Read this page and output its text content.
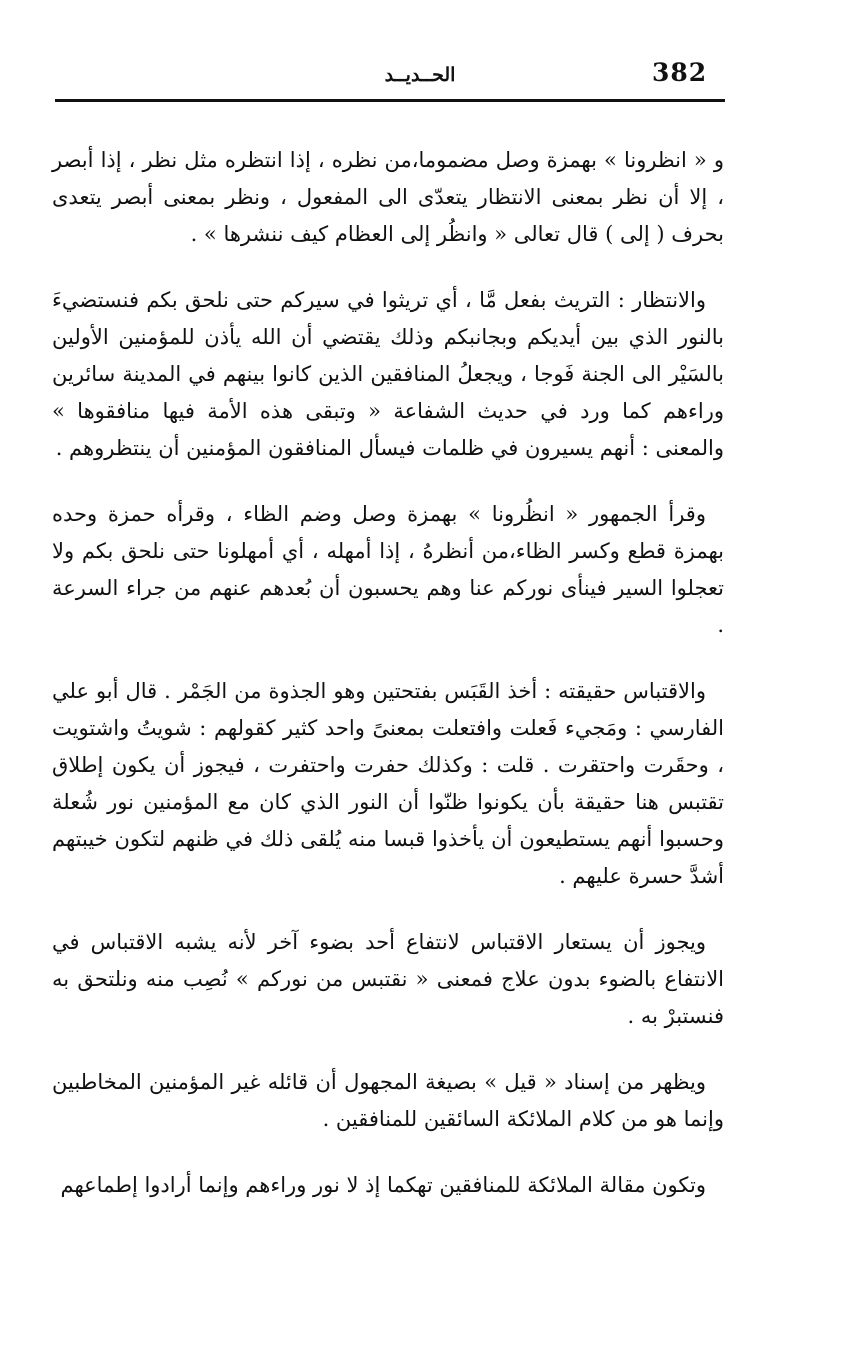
382
الحــديــد

و « انظرونا » بهمزة وصل مضموما،من نظره ، إذا انتظره مثل نظر ، إذا أبصر ، إلا أن نظر بمعنى الانتظار يتعدّى الى المفعول ، ونظر بمعنى أبصر يتعدى بحرف ( إلى ) قال تعالى « وانظُر إلى العظام كيف ننشرها » .

والانتظار : التريث بفعل مَّا ، أي تريثوا في سيركم حتى نلحق بكم فنستضيءَ بالنور الذي بين أيديكم وبجانبكم وذلك يقتضي أن الله يأذن للمؤمنين الأولين بالسَيْر الى الجنة فَوجا ، ويجعلُ المنافقين الذين كانوا بينهم في المدينة سائرين وراءهم كما ورد في حديث الشفاعة « وتبقى هذه الأمة فيها منافقوها » والمعنى : أنهم يسيرون في ظلمات فيسأل المنافقون المؤمنين أن ينتظروهم .

وقرأ الجمهور « انظُرونا » بهمزة وصل وضم الظاء ، وقرأه حمزة وحده بهمزة قطع وكسر الظاء،من أنظرهُ ، إذا أمهله ، أي أمهلونا حتى نلحق بكم ولا تعجلوا السير فينأى نوركم عنا وهم يحسبون أن بُعدهم عنهم من جراء السرعة .

والاقتباس حقيقته : أخذ القَبَس بفتحتين وهو الجذوة من الجَمْر . قال أبو علي الفارسي : ومَجيء فَعلت وافتعلت بمعنىً واحد كثير كقولهم : شويتُ واشتويت ، وحقَرت واحتقرت . قلت : وكذلك حفرت واحتفرت ، فيجوز أن يكون إطلاق تقتبس هنا حقيقة بأن يكونوا ظنّوا أن النور الذي كان مع المؤمنين نور شُعلة وحسبوا أنهم يستطيعون أن يأخذوا قبسا منه يُلقى ذلك في ظنهم لتكون خيبتهم أشدَّ حسرة عليهم .

ويجوز أن يستعار الاقتباس لانتفاع أحد بضوء آخر لأنه يشبه الاقتباس في الانتفاع بالضوء بدون علاج فمعنى « نقتبس من نوركم » نُصِب منه ونلتحق به فنستبرْ به .

ويظهر من إسناد « قيل » بصيغة المجهول أن قائله غير المؤمنين المخاطبين وإنما هو من كلام الملائكة السائقين للمنافقين .

وتكون مقالة الملائكة للمنافقين تهكما إذ لا نور وراءهم وإنما أرادوا إطماعهم
